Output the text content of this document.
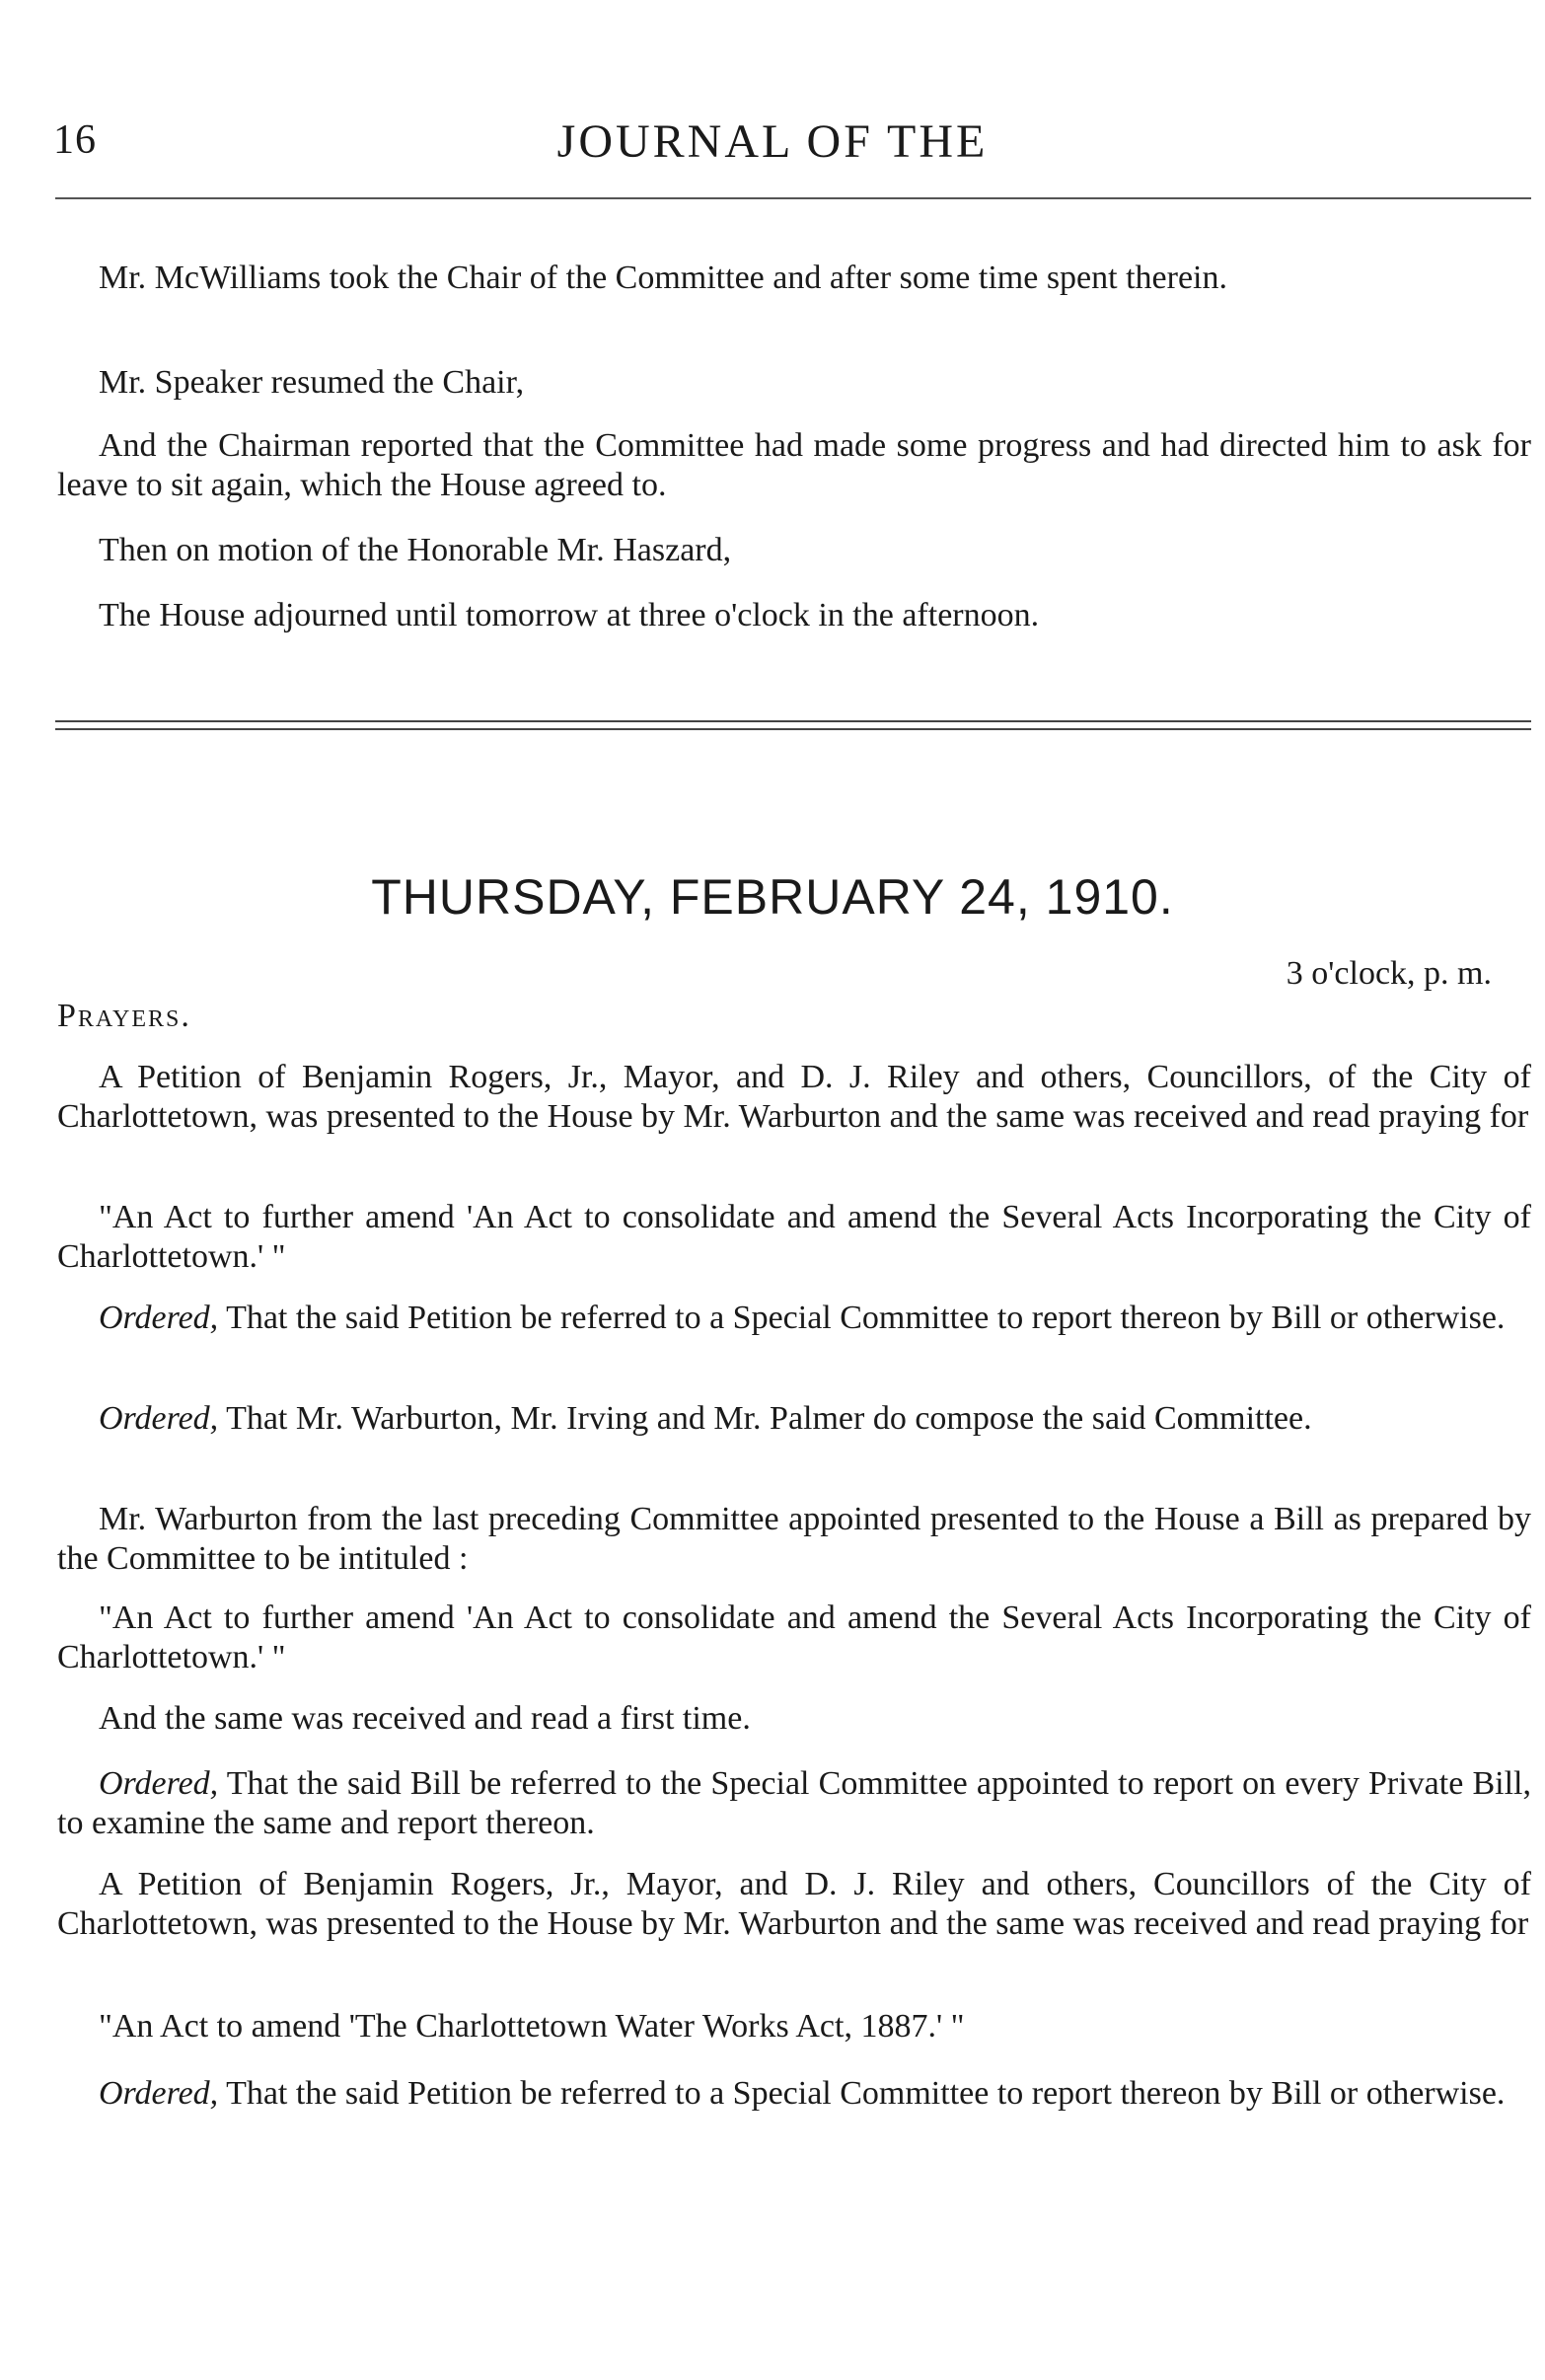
16	JOURNAL OF THE
Mr. McWilliams took the Chair of the Committee and after some time spent therein.
Mr. Speaker resumed the Chair,
And the Chairman reported that the Committee had made some progress and had directed him to ask for leave to sit again, which the House agreed to.
Then on motion of the Honorable Mr. Haszard,
The House adjourned until tomorrow at three o'clock in the afternoon.
THURSDAY, FEBRUARY 24, 1910.
3 o'clock, p. m.
Prayers.
A Petition of Benjamin Rogers, Jr., Mayor, and D. J. Riley and others, Councillors, of the City of Charlottetown, was presented to the House by Mr. Warburton and the same was received and read praying for
"An Act to further amend 'An Act to consolidate and amend the Several Acts Incorporating the City of Charlottetown.' "
Ordered, That the said Petition be referred to a Special Committee to report thereon by Bill or otherwise.
Ordered, That Mr. Warburton, Mr. Irving and Mr. Palmer do compose the said Committee.
Mr. Warburton from the last preceding Committee appointed presented to the House a Bill as prepared by the Committee to be intituled :
"An Act to further amend 'An Act to consolidate and amend the Several Acts Incorporating the City of Charlottetown.' "
And the same was received and read a first time.
Ordered, That the said Bill be referred to the Special Committee appointed to report on every Private Bill, to examine the same and report thereon.
A Petition of Benjamin Rogers, Jr., Mayor, and D. J. Riley and others, Councillors of the City of Charlottetown, was presented to the House by Mr. Warburton and the same was received and read praying for
"An Act to amend 'The Charlottetown Water Works Act, 1887.' "
Ordered, That the said Petition be referred to a Special Committee to report thereon by Bill or otherwise.
